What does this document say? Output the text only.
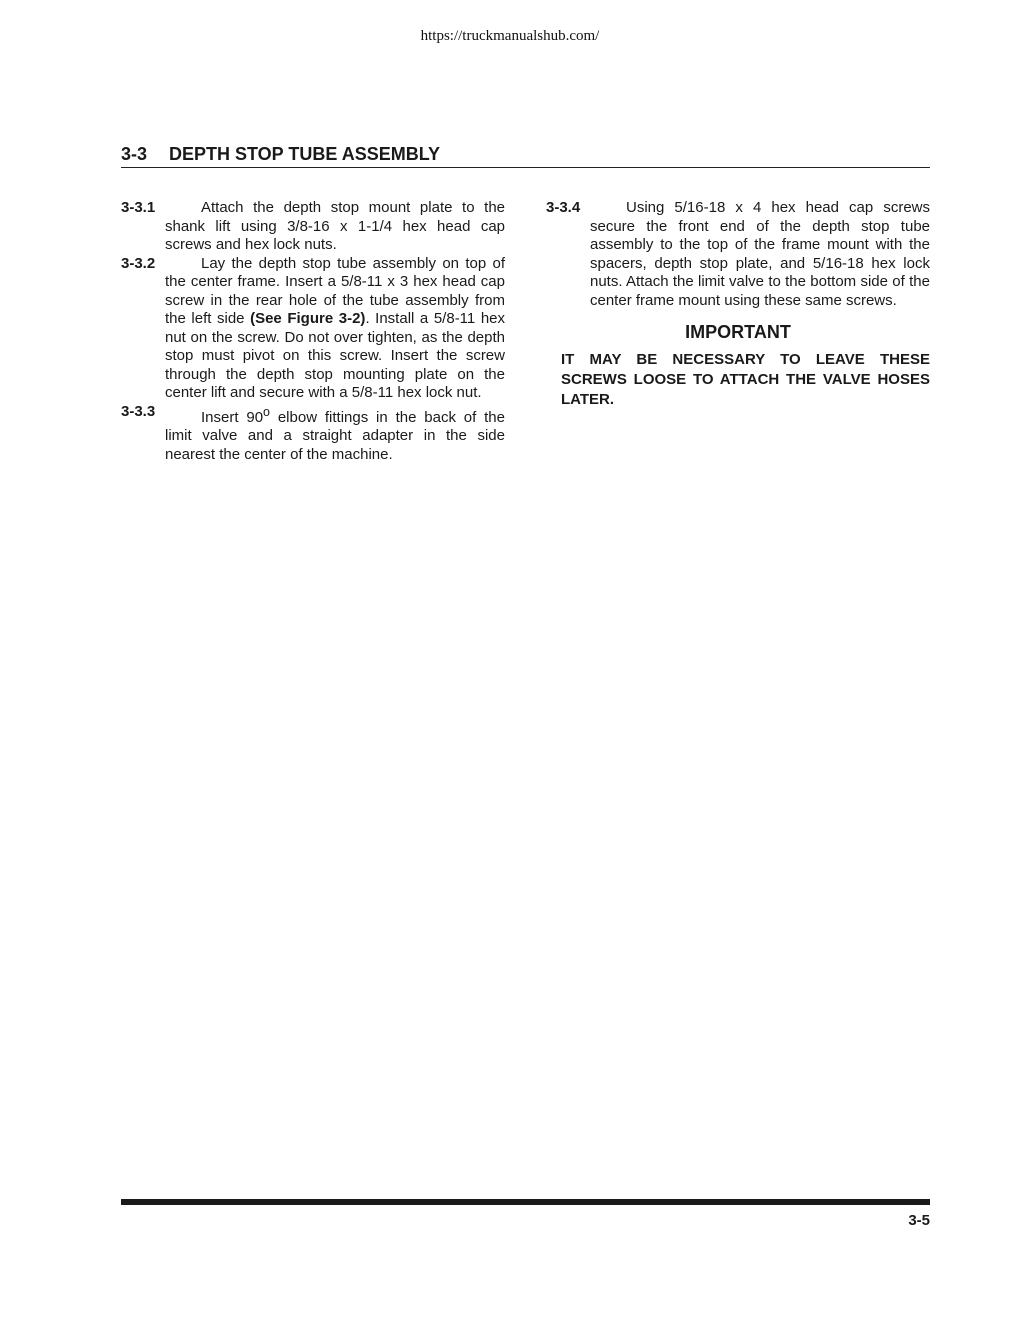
https://truckmanualshub.com/
3-3 DEPTH STOP TUBE ASSEMBLY

3-3.1	Attach the depth stop mount plate to the shank lift using 3/8-16 x 1-1/4 hex head cap screws and hex lock nuts.

3-3.2	Lay the depth stop tube assembly on top of the center frame. Insert a 5/8-11 x 3 hex head cap screw in the rear hole of the tube assembly from the left side (See Figure 3-2). Install a 5/8-11 hex nut on the screw. Do not over tighten, as the depth stop must pivot on this screw. Insert the screw through the depth stop mounting plate on the center lift and secure with a 5/8-11 hex lock nut.

3-3.3	Insert 90$^o$ elbow fittings in the back of the limit valve and a straight adapter in the side nearest the center of the machine.

3-3.4	Using 5/16-18 x 4 hex head cap screws secure the front end of the depth stop tube assembly to the top of the frame mount with the spacers, depth stop plate, and 5/16-18 hex lock nuts. Attach the limit valve to the bottom side of the center frame mount using these same screws.

IMPORTANT
IT MAY BE NECESSARY TO LEAVE THESE SCREWS LOOSE TO ATTACH THE VALVE HOSES LATER.
3-5
